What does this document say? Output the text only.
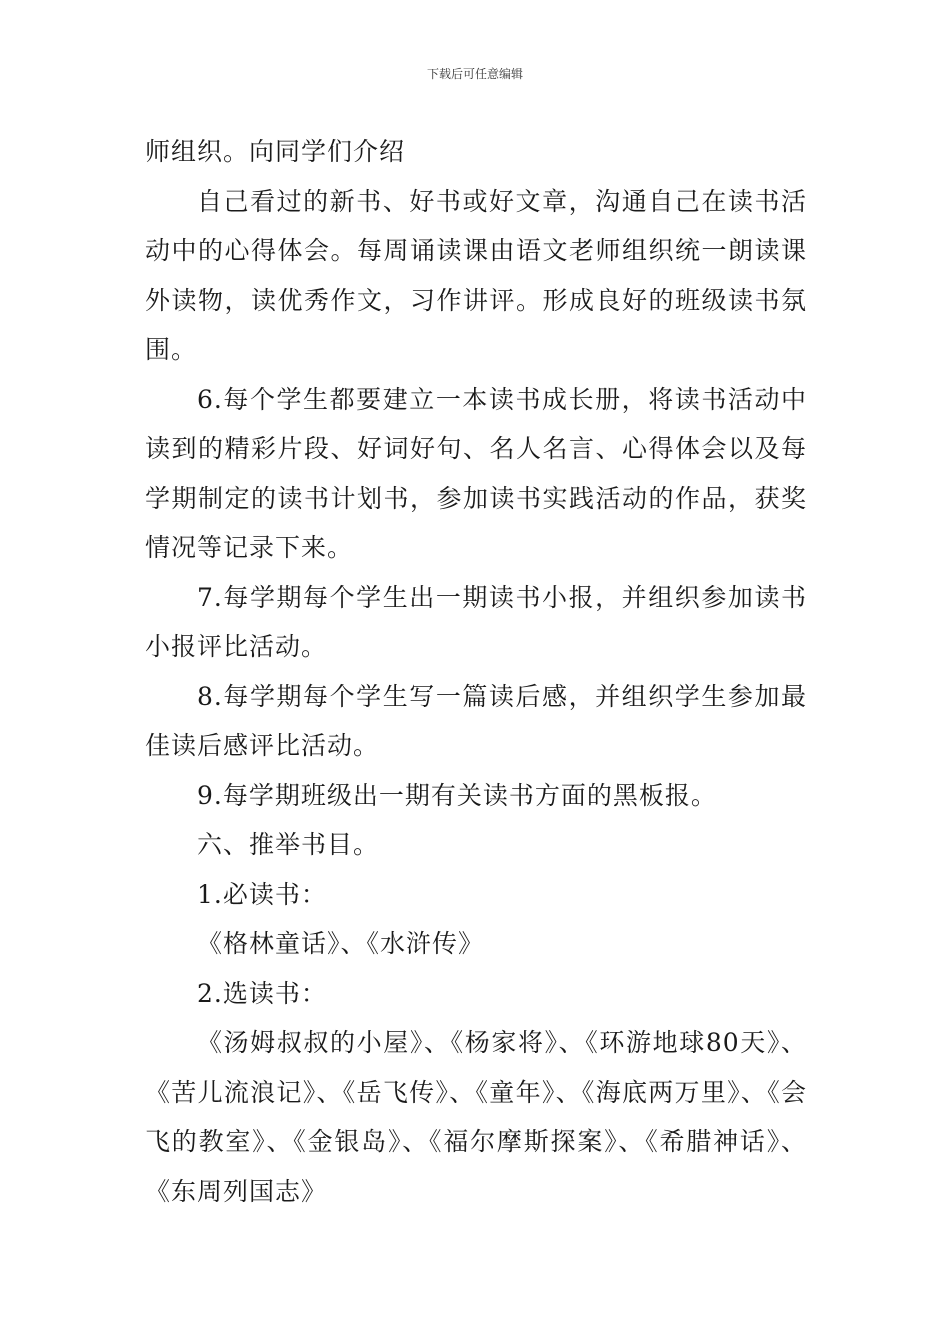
下载后可任意编辑

师组织。向同学们介绍

自己看过的新书、好书或好文章，沟通自己在读书活动中的心得体会。每周诵读课由语文老师组织统一朗读课外读物，读优秀作文，习作讲评。形成良好的班级读书氛围。

6.每个学生都要建立一本读书成长册，将读书活动中读到的精彩片段、好词好句、名人名言、心得体会以及每学期制定的读书计划书，参加读书实践活动的作品，获奖情况等记录下来。

7.每学期每个学生出一期读书小报，并组织参加读书小报评比活动。

8.每学期每个学生写一篇读后感，并组织学生参加最佳读后感评比活动。

9.每学期班级出一期有关读书方面的黑板报。

六、推举书目。

1.必读书：

《格林童话》、《水浒传》

2.选读书：

《汤姆叔叔的小屋》、《杨家将》、《环游地球80天》、《苦儿流浪记》、《岳飞传》、《童年》、《海底两万里》、《会飞的教室》、《金银岛》、《福尔摩斯探案》、《希腊神话》、《东周列国志》
